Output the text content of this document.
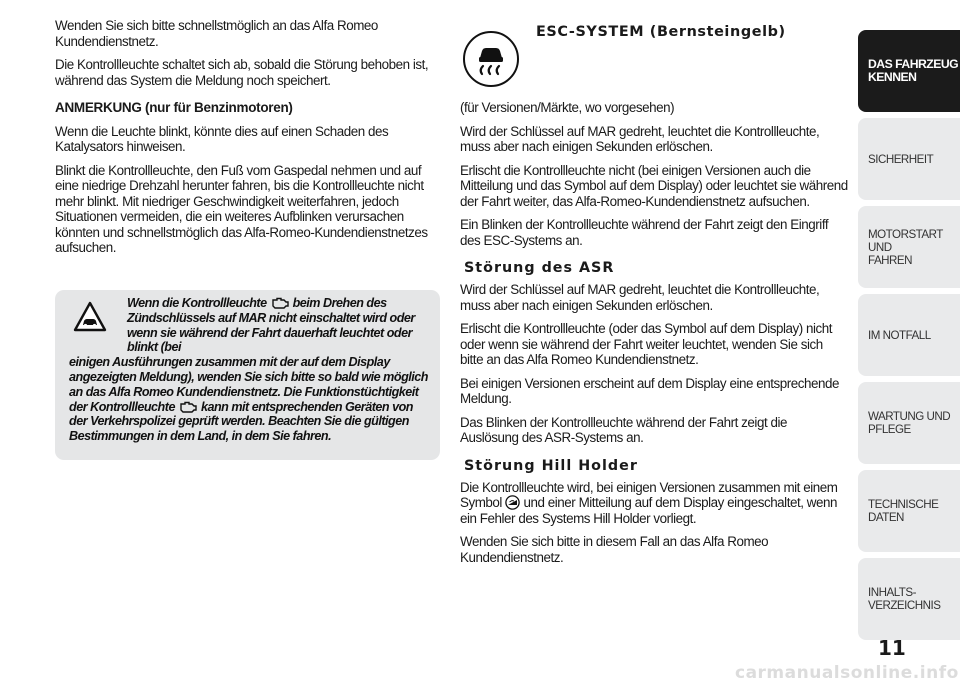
Wenden Sie sich bitte schnellstmöglich an das Alfa Romeo Kundendienstnetz.

Die Kontrollleuchte schaltet sich ab, sobald die Störung behoben ist, während das System die Meldung noch speichert.

ANMERKUNG (nur für Benzinmotoren)

Wenn die Leuchte blinkt, könnte dies auf einen Schaden des Katalysators hinweisen.

Blinkt die Kontrollleuchte, den Fuß vom Gaspedal nehmen und auf eine niedrige Drehzahl herunter fahren, bis die Kontrollleuchte nicht mehr blinkt. Mit niedriger Geschwindigkeit weiterfahren, jedoch Situationen vermeiden, die ein weiteres Aufblinken verursachen könnten und schnellstmöglich das Alfa-Romeo-Kundendienstnetzes aufsuchen.

Wenn die Kontrollleuchte beim Drehen des Zündschlüssels auf MAR nicht einschaltet wird oder wenn sie während der Fahrt dauerhaft leuchtet oder blinkt (bei
einigen Ausführungen zusammen mit der auf dem Display angezeigten Meldung), wenden Sie sich bitte so bald wie möglich an das Alfa Romeo Kundendienstnetz. Die Funktionstüchtigkeit der Kontrollleuchte kann mit entsprechenden Geräten von der Verkehrspolizei geprüft werden. Beachten Sie die gültigen Bestimmungen in dem Land, in dem Sie fahren.
ESC-SYSTEM (Bernsteingelb)

(für Versionen/Märkte, wo vorgesehen)

Wird der Schlüssel auf MAR gedreht, leuchtet die Kontrollleuchte, muss aber nach einigen Sekunden erlöschen.

Erlischt die Kontrollleuchte nicht (bei einigen Versionen auch die Mitteilung und das Symbol auf dem Display) oder leuchtet sie während der Fahrt weiter, das Alfa-Romeo-Kundendienstnetz aufsuchen.

Ein Blinken der Kontrollleuchte während der Fahrt zeigt den Eingriff des ESC-Systems an.

Störung des ASR

Wird der Schlüssel auf MAR gedreht, leuchtet die Kontrollleuchte, muss aber nach einigen Sekunden erlöschen.

Erlischt die Kontrollleuchte (oder das Symbol auf dem Display) nicht oder wenn sie während der Fahrt weiter leuchtet, wenden Sie sich bitte an das Alfa Romeo Kundendienstnetz.

Bei einigen Versionen erscheint auf dem Display eine entsprechende Meldung.

Das Blinken der Kontrollleuchte während der Fahrt zeigt die Auslösung des ASR-Systems an.

Störung Hill Holder

Die Kontrollleuchte wird, bei einigen Versionen zusammen mit einem Symbol und einer Mitteilung auf dem Display eingeschaltet, wenn ein Fehler des Systems Hill Holder vorliegt.

Wenden Sie sich bitte in diesem Fall an das Alfa Romeo Kundendienstnetz.

DAS FAHRZEUG
KENNEN
SICHERHEIT
MOTORSTART UND
FAHREN
IM NOTFALL
WARTUNG UND
PFLEGE
TECHNISCHE DATEN
INHALTS-
VERZEICHNIS
11
carmanualsonline.info
